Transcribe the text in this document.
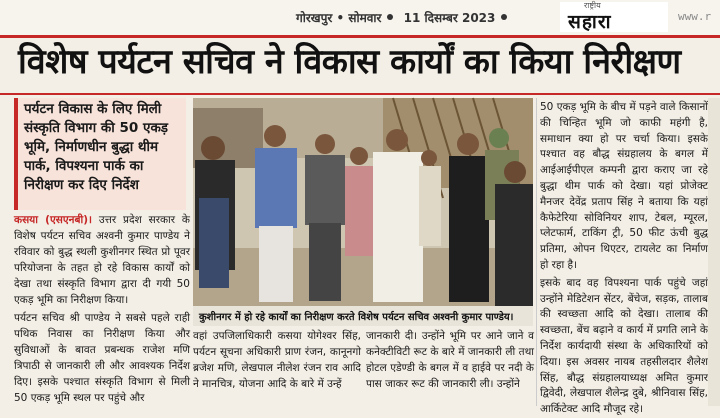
गोरखपुर • सोमवार 11 दिसम्बर 2023
राष्ट्रीय
सहारा	www.r
विशेष पर्यटन सचिव ने विकास कार्यों का किया निरीक्षण

पर्यटन विकास के लिए मिली संस्कृति विभाग की 50 एकड़ भूमि, निर्माणधीन बुद्धा थीम पार्क, विपश्यना पार्क का निरीक्षण कर दिए निर्देश

कसया (एसएनबी)। उत्तर प्रदेश सरकार के विशेष पर्यटन सचिव अश्वनी कुमार पाण्डेय ने रविवार को बुद्ध स्थली कुशीनगर स्थित प्रो पूवर परियोजना के तहत हो रहे विकास कार्यों को देखा तथा संस्कृति विभाग द्वारा दी गयी 50 एकड़ भूमि का निरीक्षण किया।

पर्यटन सचिव श्री पाण्डेय ने सबसे पहले राही पथिक निवास का निरीक्षण किया और सुविधाओं के बावत प्रबन्धक राजेश मणि त्रिपाठी से जानकारी ली और आवश्यक निर्देश दिए। इसके पश्चात संस्कृति विभाग से मिली 50 एकड़ भूमि स्थल पर पहुंचे और

कुशीनगर में हो रहे कार्यों का निरीक्षण करते विशेष पर्यटन सचिव अश्वनी कुमार पाण्डेय।

वहां उपजिलाधिकारी कसया योगेश्वर सिंह, पर्यटन सूचना अधिकारी प्राण रंजन, कानूनगो ब्रजेश मणि, लेखपाल नीलेश रंजन राव आदि ने मानचित्र, योजना आदि के बारे में उन्हें

जानकारी दी। उन्होंने भूमि पर आने जाने व कनेक्टीविटी रूट के बारे में जानकारी ली तथा होटल एडेण्डी के बगल में व हाईवे पर नदी के पास जाकर रूट की जानकारी ली। उन्होंने

50 एकड़ भूमि के बीच में पड़ने वाले किसानों की चिन्हित भूमि जो काफी महंगी है, समाधान क्या हो पर चर्चा किया। इसके पश्चात वह बौद्ध संग्रहालय के बगल में आईआईपीएल कम्पनी द्वारा कराए जा रहे बुद्धा थीम पार्क को देखा। यहां प्रोजेक्ट मैनजर देवेंद्र प्रताप सिंह ने बताया कि यहां कैफेटेरिया सोविनियर शाप, टेबल, म्यूरल, प्लेटफार्म, टाकिंग ट्री, 50 फीट ऊंची बुद्ध प्रतिमा, ओपन थिएटर, टायलेट का निर्माण हो रहा है।

इसके बाद वह विपश्यना पार्क पहुंचे जहां उन्होंने मेडिटेशन सेंटर, बेंचेज, सड़क, तालाब की स्वच्छता आदि को देखा। तालाब की स्वच्छता, बेंच बढ़ाने व कार्य में प्रगति लाने के निर्देश कार्यदायी संस्था के अधिकारियों को दिया। इस अवसर नायब तहसीलदार शैलेश सिंह, बौद्ध संग्रहालयाध्यक्ष अमित कुमार द्विवेदी, लेखपाल शैलेन्द्र दुबे, श्रीनिवास सिंह, आर्किटेक्ट आदि मौजूद रहे।
